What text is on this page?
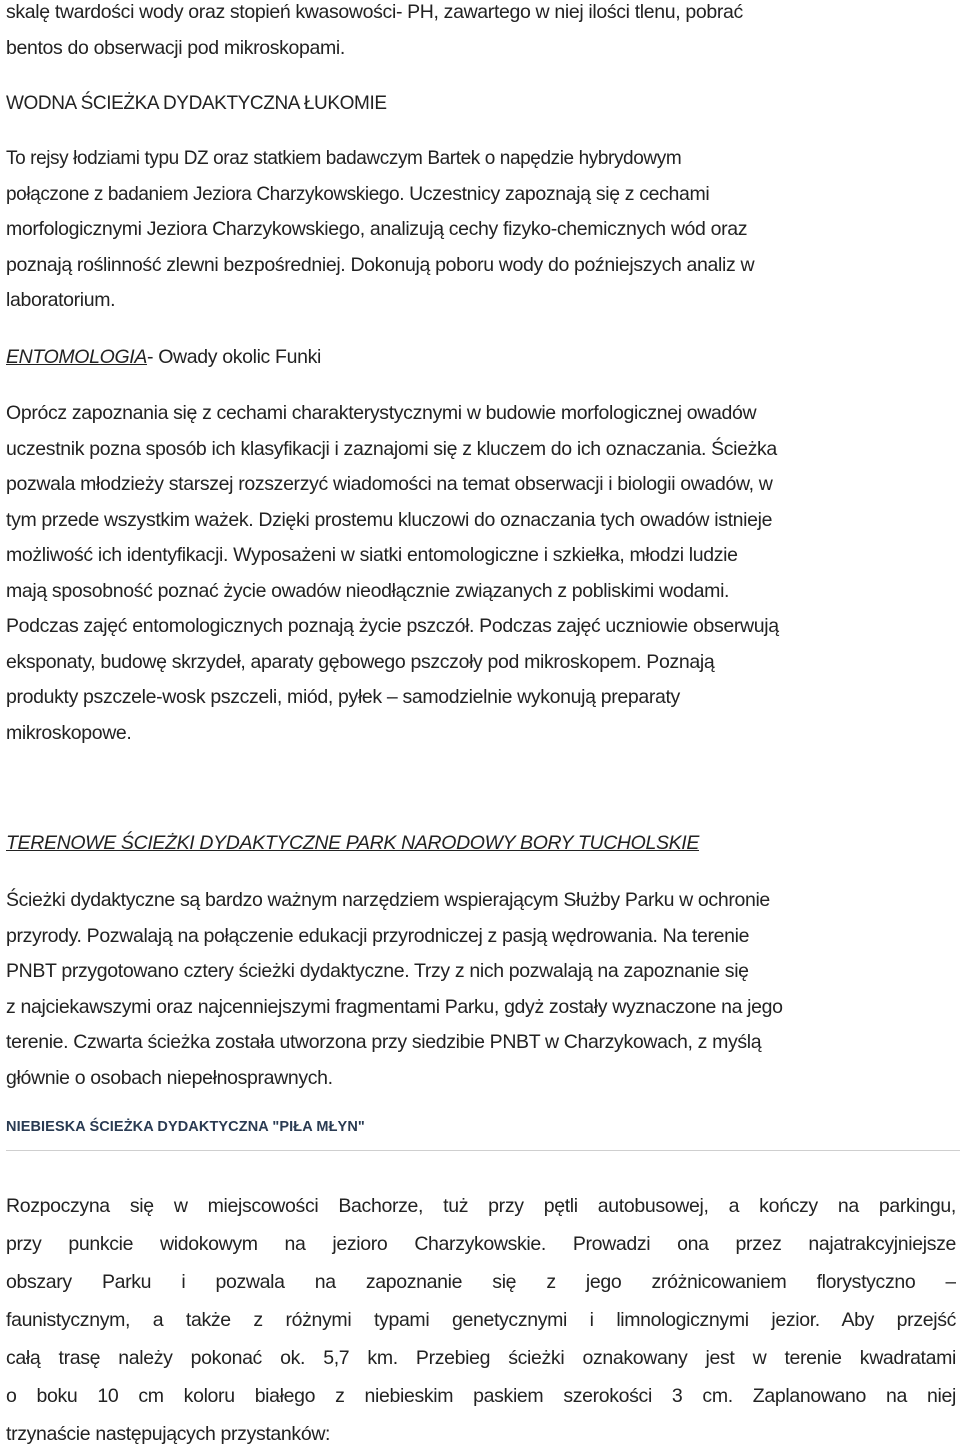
skalę twardości wody oraz stopień kwasowości- PH, zawartego w niej ilości tlenu, pobrać
bentos do obserwacji pod mikroskopami.
WODNA ŚCIEŻKA DYDAKTYCZNA ŁUKOMIE
To rejsy łodziami typu DZ oraz statkiem badawczym Bartek o napędzie hybrydowym
połączone z badaniem Jeziora Charzykowskiego. Uczestnicy zapoznają się z cechami
morfologicznymi Jeziora Charzykowskiego, analizują cechy fizyko-chemicznych wód oraz
poznają roślinność zlewni bezpośredniej. Dokonują poboru wody do poźniejszych analiz w
laboratorium.
ENTOMOLOGIA- Owady okolic Funki
Oprócz zapoznania się z cechami charakterystycznymi w budowie morfologicznej owadów
uczestnik pozna sposób ich klasyfikacji i zaznajomi się z kluczem do ich oznaczania. Ścieżka
pozwala młodzieży starszej rozszerzyć wiadomości na temat obserwacji i biologii owadów, w
tym przede wszystkim ważek. Dzięki prostemu kluczowi do oznaczania tych owadów istnieje
możliwość ich identyfikacji. Wyposażeni w siatki entomologiczne i szkiełka, młodzi ludzie
mają sposobność poznać życie owadów nieodłącznie związanych z pobliskimi wodami.
Podczas zajęć entomologicznych poznają życie pszczół. Podczas zajęć uczniowie obserwują
eksponaty, budowę skrzydeł, aparaty gębowego pszczoły pod mikroskopem. Poznają
produkty pszczele-wosk pszczeli, miód, pyłek – samodzielnie wykonują preparaty
mikroskopowe.
TERENOWE ŚCIEŻKI DYDAKTYCZNE PARK NARODOWY BORY TUCHOLSKIE
Ścieżki dydaktyczne są bardzo ważnym narzędziem wspierającym Służby Parku w ochronie
przyrody. Pozwalają na połączenie edukacji przyrodniczej z pasją wędrowania. Na terenie
PNBT przygotowano cztery ścieżki dydaktyczne. Trzy z nich pozwalają na zapoznanie się
z najciekawszymi oraz najcenniejszymi fragmentami Parku, gdyż zostały wyznaczone na jego
terenie. Czwarta ścieżka została utworzona przy siedzibie PNBT w Charzykowach, z myślą
głównie o osobach niepełnosprawnych.
NIEBIESKA ŚCIEŻKA DYDAKTYCZNA "PIŁA MŁYN"
Rozpoczyna się w miejscowości Bachorze, tuż przy pętli autobusowej, a kończy na parkingu,
przy punkcie widokowym na jezioro Charzykowskie. Prowadzi ona przez najatrakcyjniejsze
obszary Parku i pozwala na zapoznanie się z jego zróżnicowaniem florystyczno –
faunistycznym, a także z różnymi typami genetycznymi i limnologicznymi jezior. Aby przejść
całą trasę należy pokonać ok. 5,7 km. Przebieg ścieżki oznakowany jest w terenie kwadratami
o boku 10 cm koloru białego z niebieskim paskiem szerokości 3 cm. Zaplanowano na niej
trzynaście następujących przystanków:
